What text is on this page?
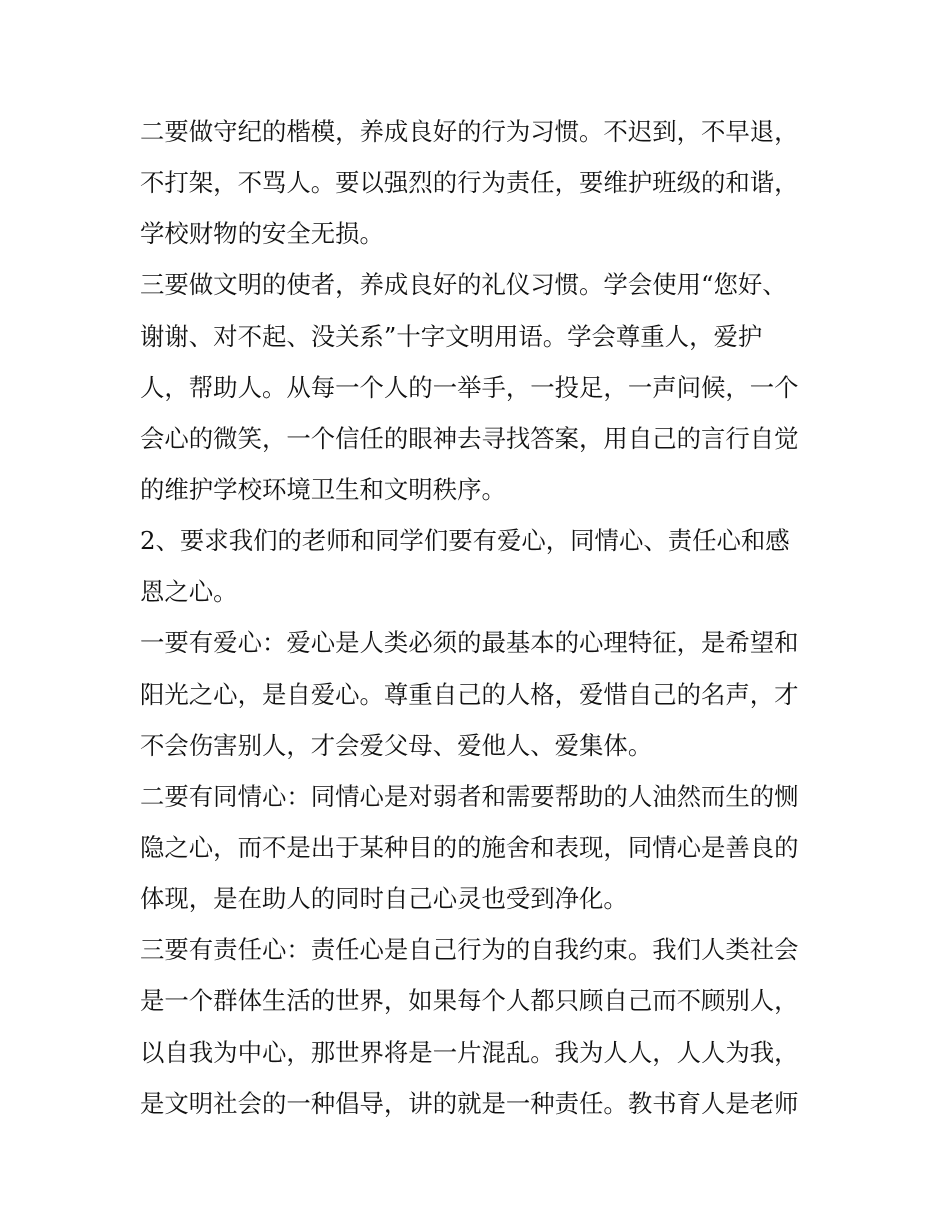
二要做守纪的楷模，养成良好的行为习惯。不迟到，不早退，
不打架，不骂人。要以强烈的行为责任，要维护班级的和谐，
学校财物的安全无损。
三要做文明的使者，养成良好的礼仪习惯。学会使用“您好、
谢谢、对不起、没关系”十字文明用语。学会尊重人，爱护
人，帮助人。从每一个人的一举手，一投足，一声问候，一个
会心的微笑，一个信任的眼神去寻找答案，用自己的言行自觉
的维护学校环境卫生和文明秩序。
2、要求我们的老师和同学们要有爱心，同情心、责任心和感
恩之心。
一要有爱心：爱心是人类必须的最基本的心理特征，是希望和
阳光之心，是自爱心。尊重自己的人格，爱惜自己的名声，才
不会伤害别人，才会爱父母、爱他人、爱集体。
二要有同情心：同情心是对弱者和需要帮助的人油然而生的恻
隐之心，而不是出于某种目的的施舍和表现，同情心是善良的
体现，是在助人的同时自己心灵也受到净化。
三要有责任心：责任心是自己行为的自我约束。我们人类社会
是一个群体生活的世界，如果每个人都只顾自己而不顾别人，
以自我为中心，那世界将是一片混乱。我为人人，人人为我，
是文明社会的一种倡导，讲的就是一种责任。教书育人是老师
